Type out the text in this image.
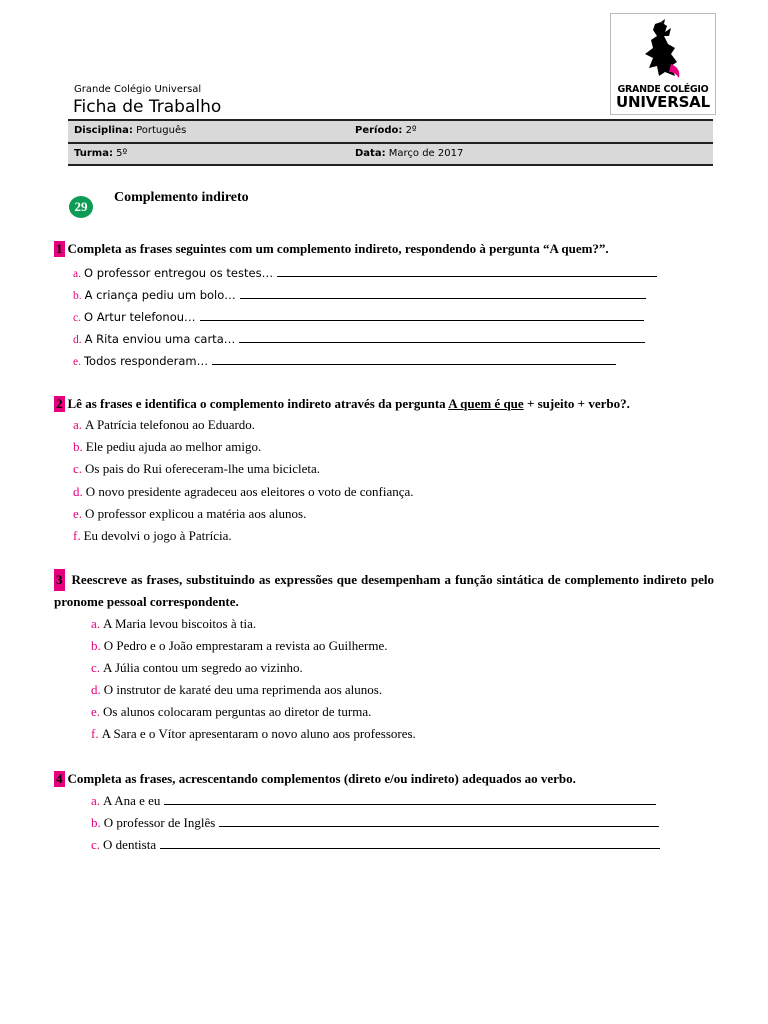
GRANDE COLÉGIO
UNIVERSAL
Grande Colégio Universal
Ficha de Trabalho
Disciplina: Português	Período: 2º
Turma: 5º	Data: Março de 2017
29
Complemento indireto
1 Completa as frases seguintes com um complemento indireto, respondendo à pergunta “A quem?”.
a. O professor entregou os testes…
b. A criança pediu um bolo…
c. O Artur telefonou…
d. A Rita enviou uma carta…
e. Todos responderam…
2 Lê as frases e identifica o complemento indireto através da pergunta A quem é que + sujeito + verbo?.
a. A Patrícia telefonou ao Eduardo.
b. Ele pediu ajuda ao melhor amigo.
c. Os pais do Rui ofereceram-lhe uma bicicleta.
d. O novo presidente agradeceu aos eleitores o voto de confiança.
e. O professor explicou a matéria aos alunos.
f. Eu devolvi o jogo à Patrícia.
3 Reescreve as frases, substituindo as expressões que desempenham a função sintática de complemento indireto pelo pronome pessoal correspondente.
a. A Maria levou biscoitos à tia.
b. O Pedro e o João emprestaram a revista ao Guilherme.
c. A Júlia contou um segredo ao vizinho.
d. O instrutor de karaté deu uma reprimenda aos alunos.
e. Os alunos colocaram perguntas ao diretor de turma.
f. A Sara e o Vítor apresentaram o novo aluno aos professores.
4 Completa as frases, acrescentando complementos (direto e/ou indireto) adequados ao verbo.
a. A Ana e eu
b. O professor de Inglês
c. O dentista
